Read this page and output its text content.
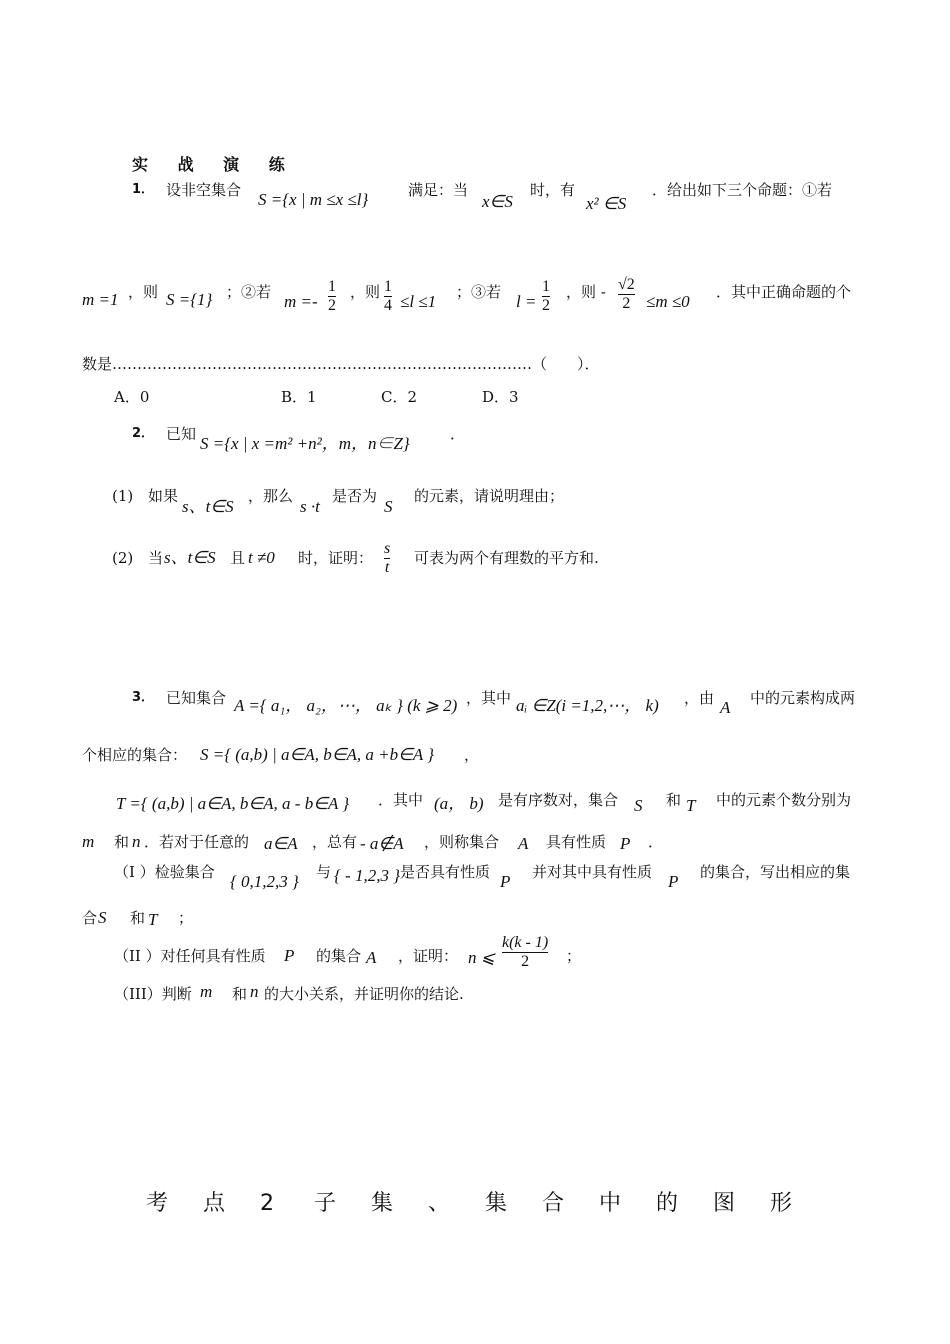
实 战 演 练
1． 设非空集合 S ={x | m ≤x ≤l}	满足：当
x∈S
时，有
x² ∈S
．给出如下三个命题：①若
m =1 ，则 S ={1} ；②若 m =-
1
2
，则 1
4 ≤l ≤1 ；③若 l =
1
2
，则 - √2
2 ≤m ≤0 ．其中正确命题的个
数是…………………………………………………………………………（　　）．
A．0	B．1	C．2	D．3
2． 已知 S ={x | x =m² +n²，m，n∈Z}	．
(1) 如果
s、t∈S
，那么
s ·t
是否为
S
的元素，请说明理由；
(2) 当 s、t∈S 且 t ≠0 时，证明：
s
t
可表为两个有理数的平方和.
3． 已知集合 A ={ a₁， a₂，⋯， aₖ } (k ⩾ 2) ，其中 aᵢ ∈Z(i =1,2,⋯， k) ，由 A 中的元素构成两
个相应的集合： S ={ (a,b) | a∈A, b∈A, a +b∈A } ，
T ={ (a,b) | a∈A, b∈A, a - b∈A } ．其中 (a， b) 是有序数对，集合 S 和 T 中的元素个数分别为
m 和 n ．若对于任意的 a∈A ，总有 - a∉A ，则称集合 A 具有性质 P ．
（I ）检验集合 { 0,1,2,3 } 与 { - 1,2,3 } 是否具有性质 P 并对其中具有性质 P 的集合，写出相应的集
合 S 和 T ；
（II ）对任何具有性质 P 的集合 A ，证明： n ⩽
k(k - 1)
2 ；
（III）判断 m 和 n 的大小关系，并证明你的结论.
考 点 2 子 集 、 集 合 中 的 图 形
